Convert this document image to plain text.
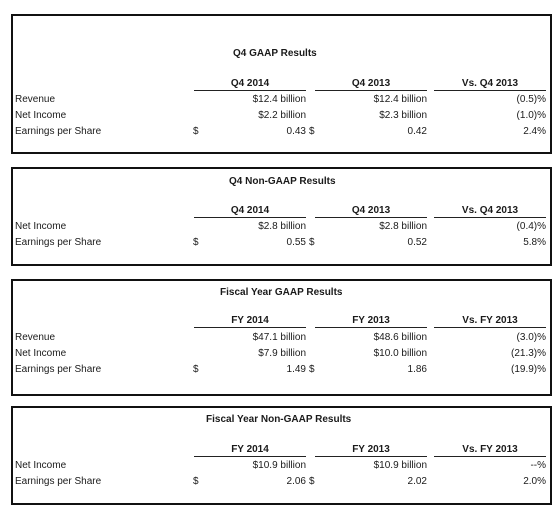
Q4 GAAP Results
Q4 2014	Q4 2013	Vs. Q4 2013
Revenue	$12.4 billion	$12.4 billion	(0.5)%
Net Income	$2.2 billion	$2.3 billion	(1.0)%
Earnings per Share	$	0.43 $	0.42	2.4%
Q4 Non-GAAP Results
Q4 2014	Q4 2013	Vs. Q4 2013
Net Income	$2.8 billion	$2.8 billion	(0.4)%
Earnings per Share	$	0.55 $	0.52	5.8%
Fiscal Year GAAP Results
FY 2014	FY 2013	Vs. FY 2013
Revenue	$47.1 billion	$48.6 billion	(3.0)%
Net Income	$7.9 billion	$10.0 billion	(21.3)%
Earnings per Share	$	1.49 $	1.86	(19.9)%
Fiscal Year Non-GAAP Results
FY 2014	FY 2013	Vs. FY 2013
Net Income	$10.9 billion	$10.9 billion	--%
Earnings per Share	$	2.06 $	2.02	2.0%
